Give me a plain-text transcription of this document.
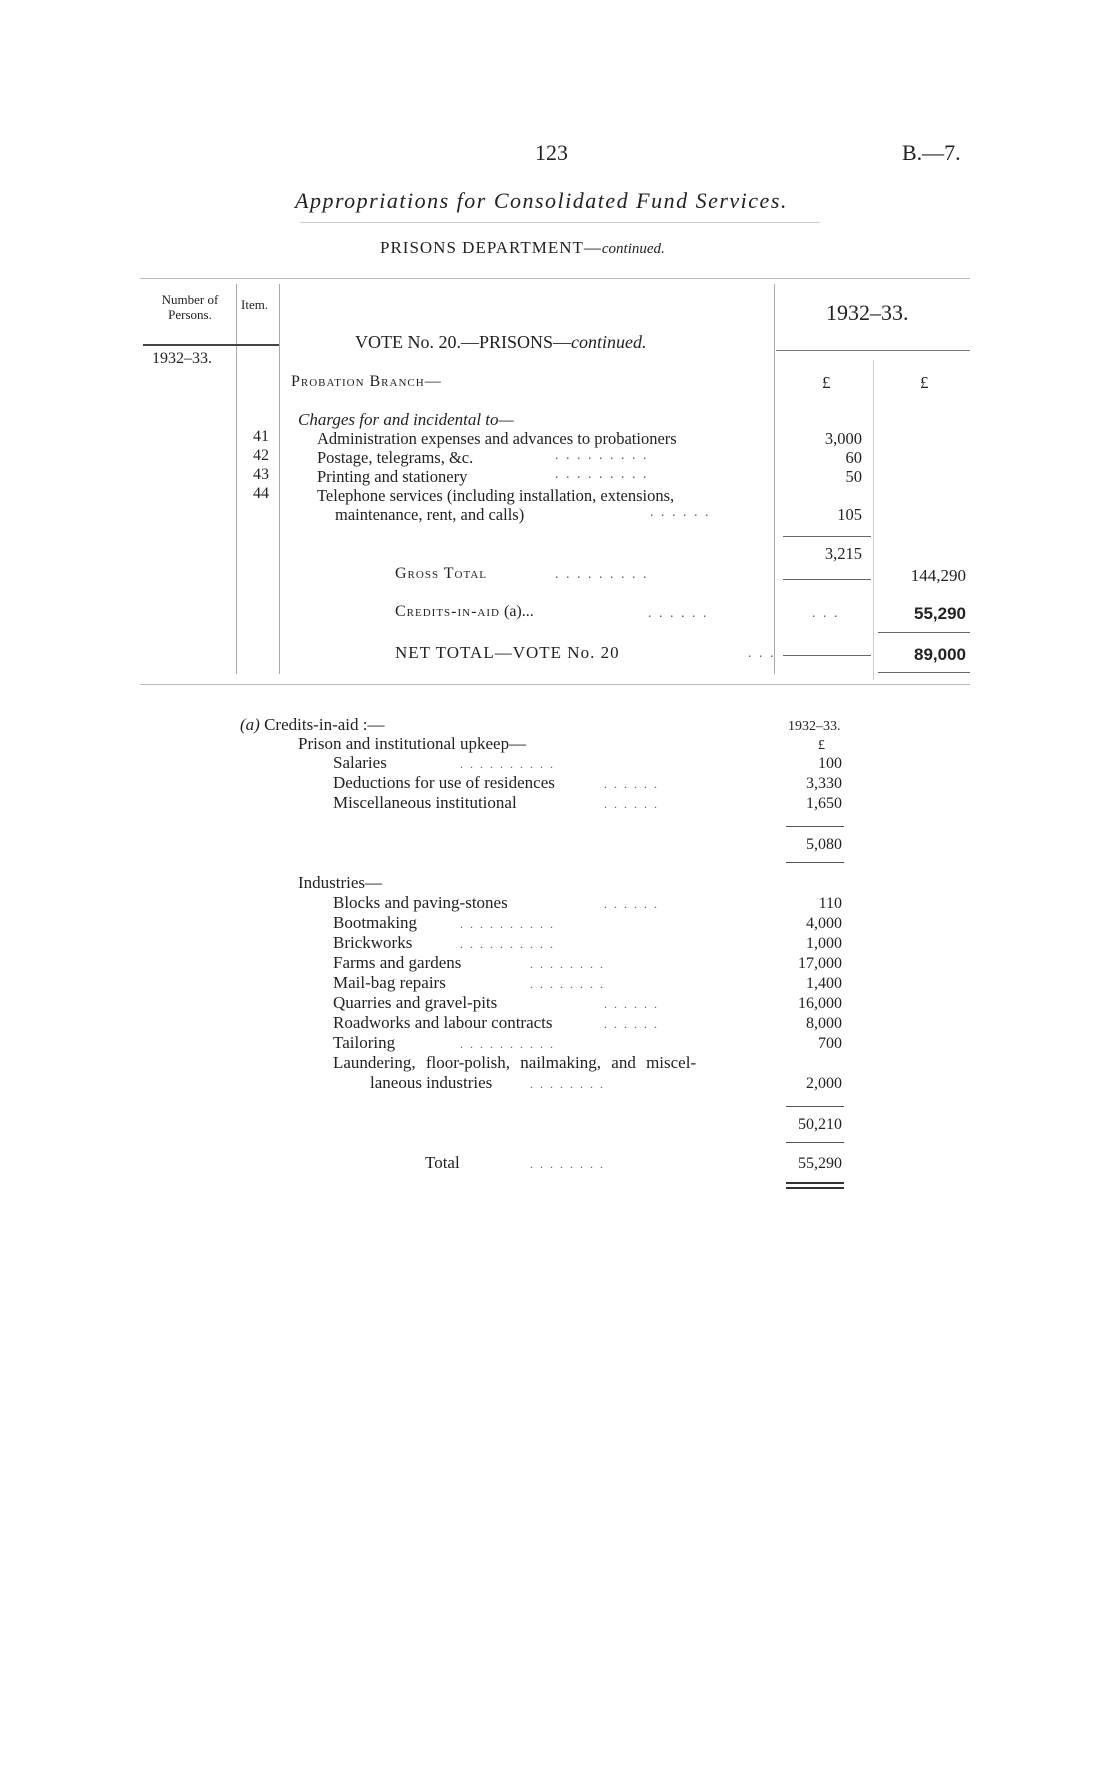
123	B.—7.
Appropriations for Consolidated Fund Services.
PRISONS DEPARTMENT—continued.
Number of Persons.
Item.
1932–33.
1932–33.
VOTE No. 20.—PRISONS—continued.
Probation Branch—	£	£
Charges for and incidental to—
41	Administration expenses and advances to probationers	3,000
42	Postage, telegrams, &c.	. . . . . . . . .	60
43	Printing and stationery	. . . . . . . . .	50
44	Telephone services (including installation, extensions,
maintenance, rent, and calls)	. . . . . .	105
3,215
Gross Total	. . . . . . . . .	144,290
Credits-in-aid (a)...	. . . . . .	. . .	55,290
NET TOTAL—VOTE No. 20	. . .	89,000
(a) Credits-in-aid :—	1932–33.
Prison and institutional upkeep—	£
Salaries	. . . . . . . . . .	100
Deductions for use of residences	. . . . . .	3,330
Miscellaneous institutional	. . . . . .	1,650
5,080
Industries—
Blocks and paving-stones	. . . . . .	110
Bootmaking	. . . . . . . . . .	4,000
Brickworks	. . . . . . . . . .	1,000
Farms and gardens	. . . . . . . .	17,000
Mail-bag repairs	. . . . . . . .	1,400
Quarries and gravel-pits	. . . . . .	16,000
Roadworks and labour contracts	. . . . . .	8,000
Tailoring	. . . . . . . . . .	700
Laundering, floor-polish, nailmaking, and miscel-
laneous industries	. . . . . . . .	2,000
50,210
Total	. . . . . . . .	55,290
